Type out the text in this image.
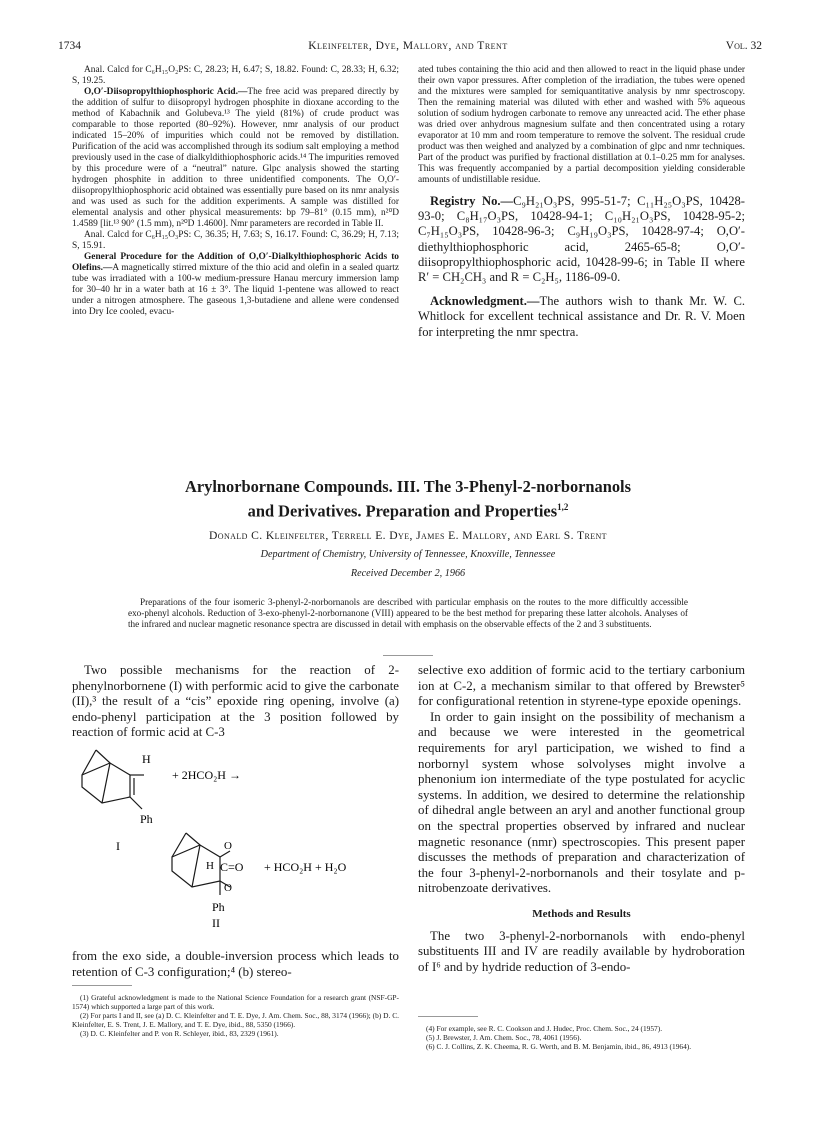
1734	Kleinfelter, Dye, Mallory, and Trent	Vol. 32

Anal. Calcd for C₆H₁₅O₂PS: C, 28.23; H, 6.47; S, 18.82. Found: C, 28.33; H, 6.32; S, 19.25.

O,O′-Diisopropylthiophosphoric Acid.—The free acid was prepared directly by the addition of sulfur to diisopropyl hydrogen phosphite in dioxane according to the method of Kabachnik and Golubeva.¹³ The yield (81%) of crude product was comparable to those reported (80–92%). However, nmr analysis of our product indicated 15–20% of impurities which could not be removed by distillation. Purification of the acid was accomplished through its sodium salt employing a method previously used in the case of dialkyldithiophosphoric acids.¹⁴ The impurities removed by this procedure were of a “neutral” nature. Glpc analysis showed the starting hydrogen phosphite in addition to three unidentified components. The O,O′-diisopropylthiophosphoric acid obtained was essentially pure based on its nmr analysis and was used as such for the addition experiments. A sample was distilled for elemental analysis and other physical measurements: bp 79–81° (0.15 mm), n²⁰D 1.4589 [lit.¹³ 90° (1.5 mm), n²⁰D 1.4600]. Nmr parameters are recorded in Table II.

Anal. Calcd for C₆H₁₅O₃PS: C, 36.35; H, 7.63; S, 16.17. Found: C, 36.29; H, 7.13; S, 15.91.

General Procedure for the Addition of O,O′-Dialkylthiophosphoric Acids to Olefins.—A magnetically stirred mixture of the thio acid and olefin in a sealed quartz tube was irradiated with a 100-w medium-pressure Hanau mercury immersion lamp for 30–40 hr in a water bath at 16 ± 3°. The liquid 1-pentene was allowed to react under a nitrogen atmosphere. The gaseous 1,3-butadiene and allene were condensed into Dry Ice cooled, evacu-

ated tubes containing the thio acid and then allowed to react in the liquid phase under their own vapor pressures. After completion of the irradiation, the tubes were opened and the mixtures were sampled for semiquantitative analysis by nmr spectroscopy. Then the remaining material was diluted with ether and washed with 5% aqueous solution of sodium hydrogen carbonate to remove any unreacted acid. The ether phase was dried over anhydrous magnesium sulfate and then concentrated using a rotary evaporator at 10 mm and room temperature to remove the solvent. The residual crude product was then weighed and analyzed by a combination of glpc and nmr techniques. Part of the product was purified by fractional distillation at 0.1–0.25 mm for analyses. This was frequently accompanied by a partial decomposition yielding considerable amounts of undistillable residue.

Registry No.—C₉H₂₁O₃PS, 995-51-7; C₁₁H₂₅O₃PS, 10428-93-0; C₈H₁₇O₃PS, 10428-94-1; C₁₀H₂₁O₃PS, 10428-95-2; C₇H₁₅O₃PS, 10428-96-3; C₉H₁₉O₃PS, 10428-97-4; O,O′-diethylthiophosphoric acid, 2465-65-8; O,O′-diisopropylthiophosphoric acid, 10428-99-6; in Table II where R′ = CH₂CH₃ and R = C₂H₅, 1186-09-0.

Acknowledgment.—The authors wish to thank Mr. W. C. Whitlock for excellent technical assistance and Dr. R. V. Moen for interpreting the nmr spectra.

Arylnorbornane Compounds. III. The 3-Phenyl-2-norbornanols
and Derivatives. Preparation and Properties$^{1,2}$
Donald C. Kleinfelter, Terrell E. Dye, James E. Mallory, and Earl S. Trent
Department of Chemistry, University of Tennessee, Knoxville, Tennessee
Received December 2, 1966
Preparations of the four isomeric 3-phenyl-2-norbornanols are described with particular emphasis on the routes to the more difficultly accessible exo-phenyl alcohols. Reduction of 3-exo-phenyl-2-norbornanone (VIII) appeared to be the best method for preparing these latter alcohols. Analyses of the infrared and nuclear magnetic resonance spectra are discussed in detail with emphasis on the observable effects of the 2 and 3 substituents.

Two possible mechanisms for the reaction of 2-phenylnorbornene (I) with performic acid to give the carbonate (II),³ the result of a “cis” epoxide ring opening, involve (a) endo-phenyl participation at the 3 position followed by reaction of formic acid at C-3

H
Ph
+ 2HCO₂H →
I	O
H C=O
O
+ HCO₂H + H₂O
Ph
II

from the exo side, a double-inversion process which leads to retention of C-3 configuration;⁴ (b) stereo-

(1) Grateful acknowledgment is made to the National Science Foundation for a research grant (NSF-GP-1574) which supported a large part of this work.

(2) For parts I and II, see (a) D. C. Kleinfelter and T. E. Dye, J. Am. Chem. Soc., 88, 3174 (1966); (b) D. C. Kleinfelter, E. S. Trent, J. E. Mallory, and T. E. Dye, ibid., 88, 5350 (1966).

(3) D. C. Kleinfelter and P. von R. Schleyer, ibid., 83, 2329 (1961).

selective exo addition of formic acid to the tertiary carbonium ion at C-2, a mechanism similar to that offered by Brewster⁵ for configurational retention in styrene-type epoxide openings.

In order to gain insight on the possibility of mechanism a and because we were interested in the geometrical requirements for aryl participation, we wished to find a norbornyl system whose solvolyses might involve a phenonium ion intermediate of the type postulated for acyclic systems. In addition, we desired to determine the relationship of dihedral angle between an aryl and another functional group on the spectral properties observed by infrared and nuclear magnetic resonance (nmr) spectroscopies. This present paper discusses the methods of preparation and characterization of the four 3-phenyl-2-norbornanols and their tosylate and p-nitrobenzoate derivatives.

Methods and Results

The two 3-phenyl-2-norbornanols with endo-phenyl substituents III and IV are readily available by hydroboration of I⁶ and by hydride reduction of 3-endo-

(4) For example, see R. C. Cookson and J. Hudec, Proc. Chem. Soc., 24 (1957).

(5) J. Brewster, J. Am. Chem. Soc., 78, 4061 (1956).

(6) C. J. Collins, Z. K. Cheema, R. G. Werth, and B. M. Benjamin, ibid., 86, 4913 (1964).
